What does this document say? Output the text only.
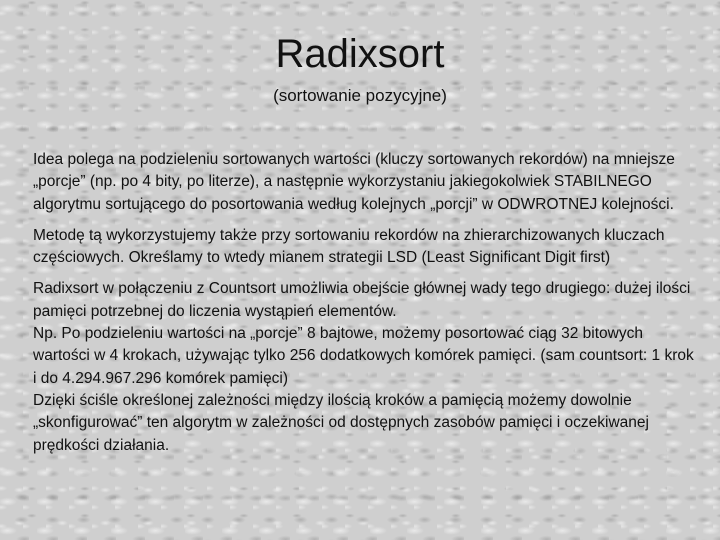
Radixsort
(sortowanie pozycyjne)

Idea polega na podzieleniu sortowanych wartości (kluczy sortowanych rekordów) na mniejsze „porcje” (np. po 4 bity, po literze), a następnie wykorzystaniu jakiegokolwiek STABILNEGO algorytmu sortującego do posortowania według kolejnych „porcji” w ODWROTNEJ kolejności.

Metodę tą wykorzystujemy także przy sortowaniu rekordów na zhierarchizowanych kluczach częściowych. Określamy to wtedy mianem strategii LSD (Least Significant Digit first)

Radixsort w połączeniu z Countsort umożliwia obejście głównej wady tego drugiego: dużej ilości pamięci potrzebnej do liczenia wystąpień elementów.
Np. Po podzieleniu wartości na „porcje” 8 bajtowe, możemy posortować ciąg 32 bitowych wartości w 4 krokach, używając tylko 256 dodatkowych komórek pamięci. (sam countsort: 1 krok i do 4.294.967.296 komórek pamięci)
Dzięki ściśle określonej zależności między ilością kroków a pamięcią możemy dowolnie „skonfigurować” ten algorytm w zależności od dostępnych zasobów pamięci i oczekiwanej prędkości działania.
